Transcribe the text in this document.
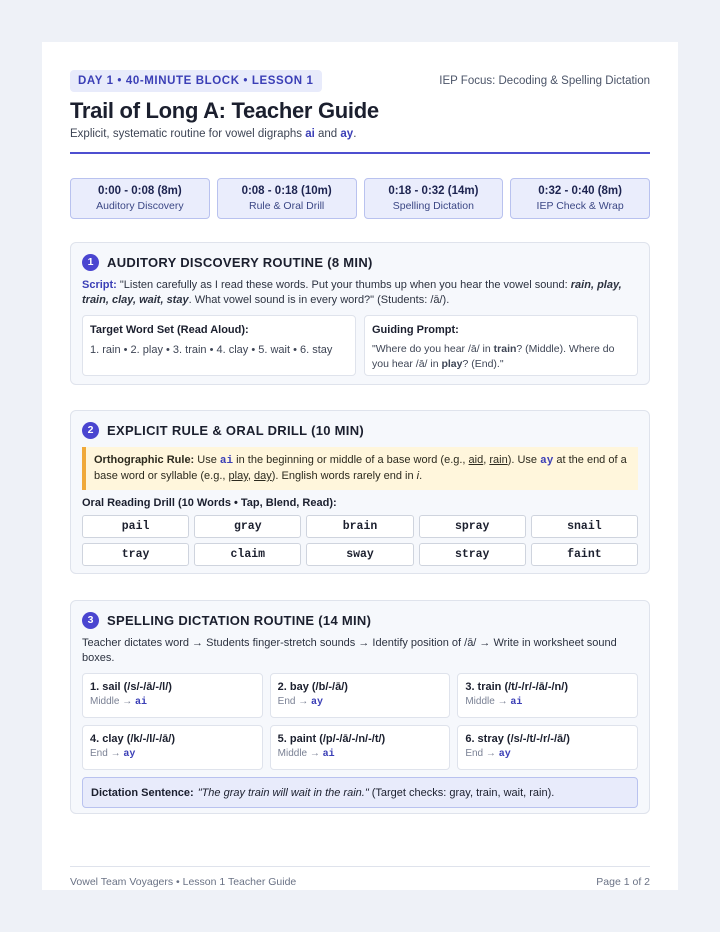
DAY 1 • 40-MINUTE BLOCK • LESSON 1	IEP Focus: Decoding & Spelling Dictation
Trail of Long A: Teacher Guide
Explicit, systematic routine for vowel digraphs ai and ay.
0:00 - 0:08 (8m)
Auditory Discovery
0:08 - 0:18 (10m)
Rule & Oral Drill
0:18 - 0:32 (14m)
Spelling Dictation
0:32 - 0:40 (8m)
IEP Check & Wrap
1	AUDITORY DISCOVERY ROUTINE (8 MIN)
Script: "Listen carefully as I read these words. Put your thumbs up when you hear the vowel sound: rain, play, train, clay, wait, stay. What vowel sound is in every word?" (Students: /ā/).
Target Word Set (Read Aloud):
1. rain • 2. play • 3. train • 4. clay • 5. wait • 6. stay
Guiding Prompt:
"Where do you hear /ā/ in train? (Middle). Where do you hear /ā/ in play? (End)."
2	EXPLICIT RULE & ORAL DRILL (10 MIN)
Orthographic Rule: Use ai in the beginning or middle of a base word (e.g., aid, rain). Use ay at the end of a base word or syllable (e.g., play, day). English words rarely end in i.
Oral Reading Drill (10 Words • Tap, Blend, Read):
pail	gray	brain	spray	snail
tray	claim	sway	stray	faint
3	SPELLING DICTATION ROUTINE (14 MIN)
Teacher dictates word → Students finger-stretch sounds → Identify position of /ā/ → Write in worksheet sound boxes.
1. sail (/s/-/ā/-/l/)
Middle → ai
2. bay (/b/-/ā/)
End → ay
3. train (/t/-/r/-/ā/-/n/)
Middle → ai
4. clay (/k/-/l/-/ā/)
End → ay
5. paint (/p/-/ā/-/n/-/t/)
Middle → ai
6. stray (/s/-/t/-/r/-/ā/)
End → ay
Dictation Sentence: "The gray train will wait in the rain." (Target checks: gray, train, wait, rain).
Vowel Team Voyagers • Lesson 1 Teacher Guide	Page 1 of 2
